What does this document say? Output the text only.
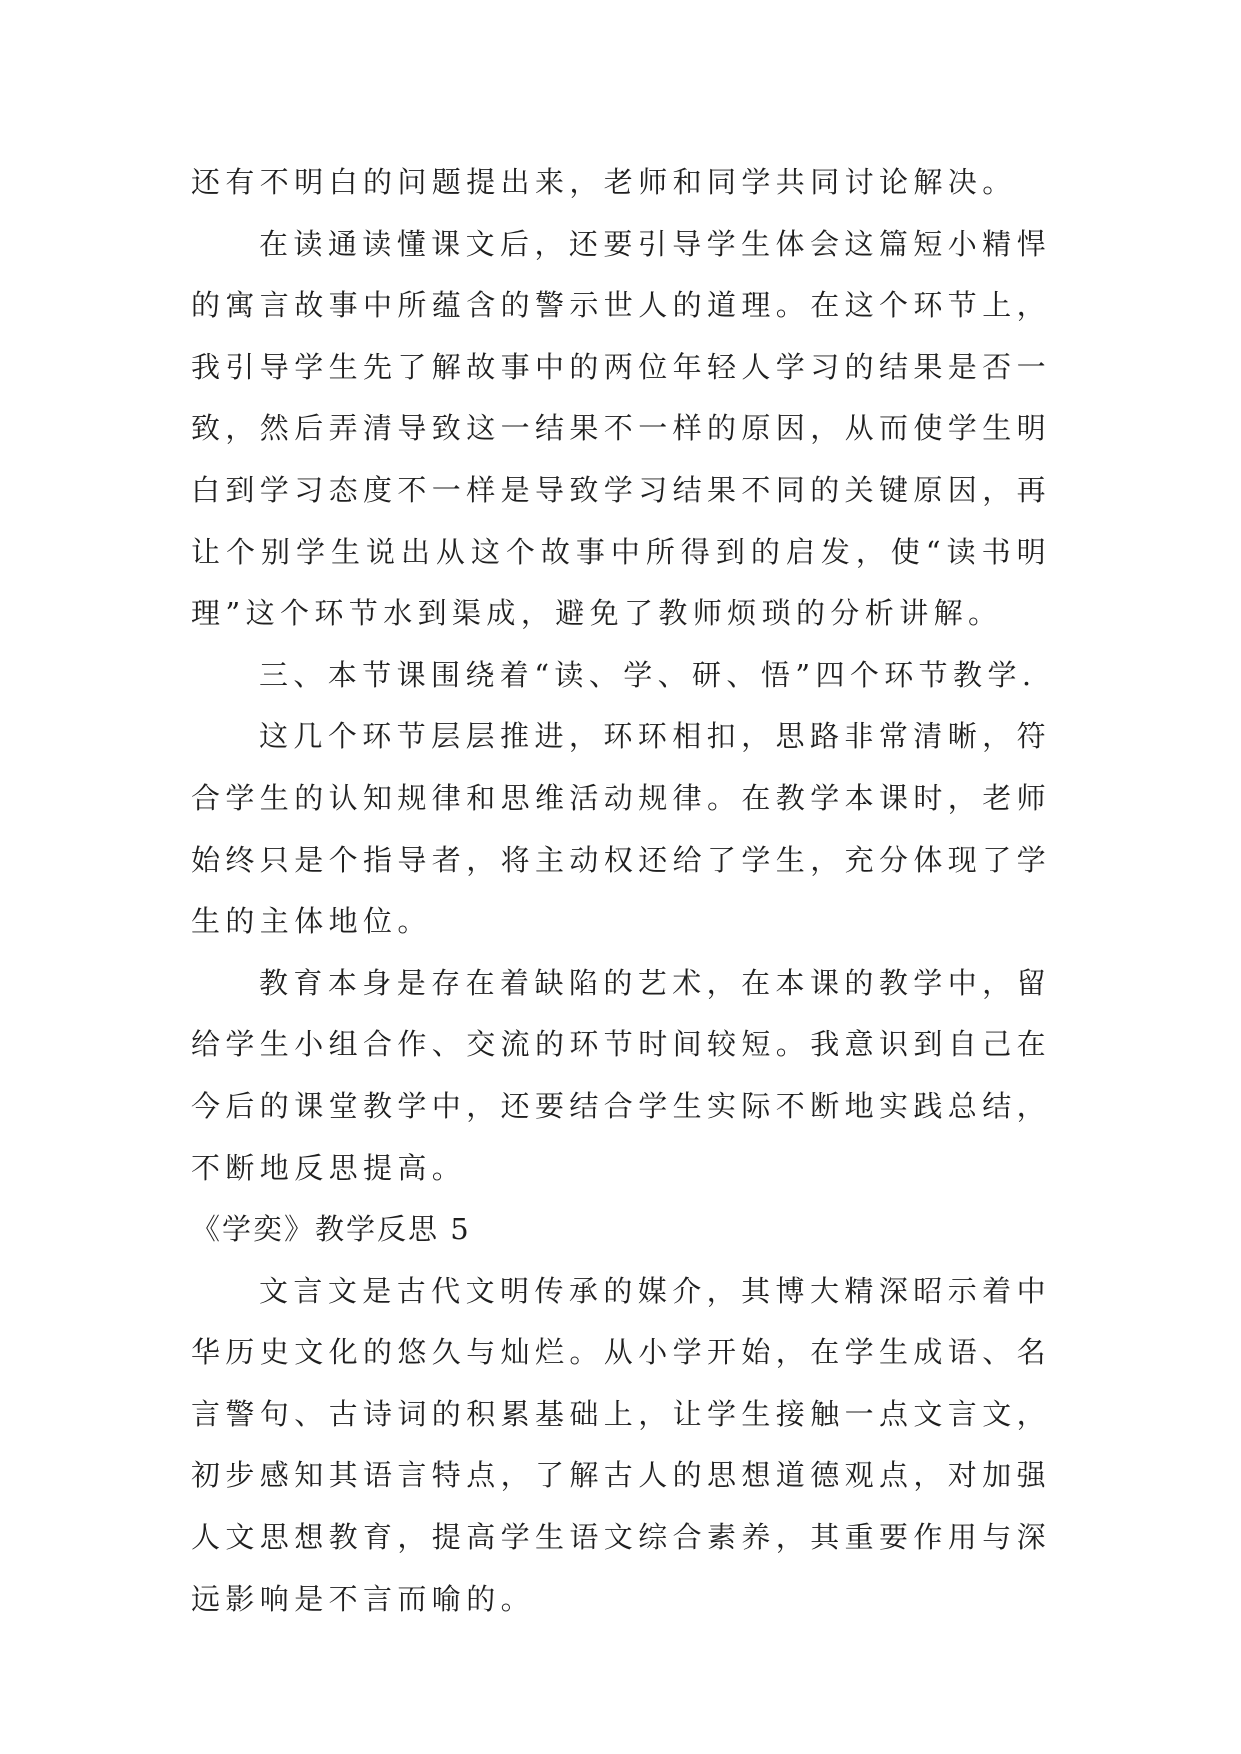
还有不明白的问题提出来，老师和同学共同讨论解决。

在读通读懂课文后，还要引导学生体会这篇短小精悍的寓言故事中所蕴含的警示世人的道理。在这个环节上，我引导学生先了解故事中的两位年轻人学习的结果是否一致，然后弄清导致这一结果不一样的原因，从而使学生明白到学习态度不一样是导致学习结果不同的关键原因，再让个别学生说出从这个故事中所得到的启发，使“读书明理”这个环节水到渠成，避免了教师烦琐的分析讲解。

三、本节课围绕着“读、学、研、悟”四个环节教学.

这几个环节层层推进，环环相扣，思路非常清晰，符合学生的认知规律和思维活动规律。在教学本课时，老师始终只是个指导者，将主动权还给了学生，充分体现了学生的主体地位。

教育本身是存在着缺陷的艺术，在本课的教学中，留给学生小组合作、交流的环节时间较短。我意识到自己在今后的课堂教学中，还要结合学生实际不断地实践总结，不断地反思提高。

《学奕》教学反思 5

文言文是古代文明传承的媒介，其博大精深昭示着中华历史文化的悠久与灿烂。从小学开始，在学生成语、名言警句、古诗词的积累基础上，让学生接触一点文言文，初步感知其语言特点，了解古人的思想道德观点，对加强人文思想教育，提高学生语文综合素养，其重要作用与深远影响是不言而喻的。
